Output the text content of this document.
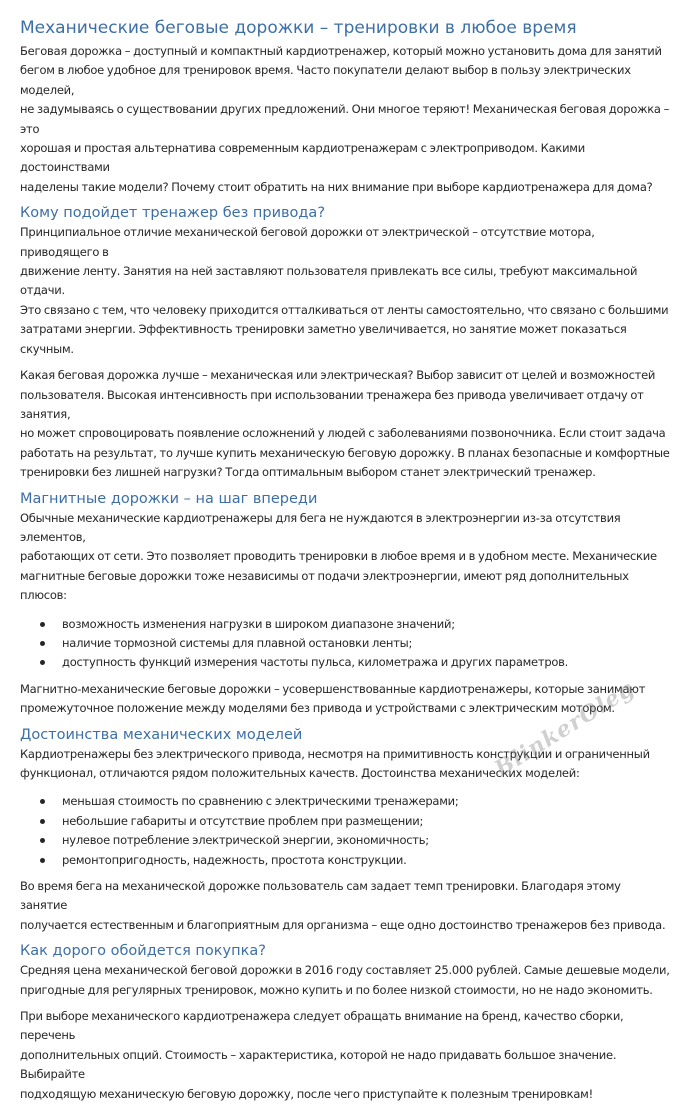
Механические беговые дорожки – тренировки в любое время

Беговая дорожка – доступный и компактный кардиотренажер, который можно установить дома для занятий

бегом в любое удобное для тренировок время. Часто покупатели делают выбор в пользу электрических моделей,

не задумываясь о существовании других предложений. Они многое теряют! Механическая беговая дорожка – это

хорошая и простая альтернатива современным кардиотренажерам с электроприводом. Какими достоинствами

наделены такие модели? Почему стоит обратить на них внимание при выборе кардиотренажера для дома?

Кому подойдет тренажер без привода?

Принципиальное отличие механической беговой дорожки от электрической – отсутствие мотора, приводящего в

движение ленту. Занятия на ней заставляют пользователя привлекать все силы, требуют максимальной отдачи.

Это связано с тем, что человеку приходится отталкиваться от ленты самостоятельно, что связано с большими

затратами энергии. Эффективность тренировки заметно увеличивается, но занятие может показаться скучным.

Какая беговая дорожка лучше – механическая или электрическая? Выбор зависит от целей и возможностей

пользователя. Высокая интенсивность при использовании тренажера без привода увеличивает отдачу от занятия,

но может спровоцировать появление осложнений у людей с заболеваниями позвоночника. Если стоит задача

работать на результат, то лучше купить механическую беговую дорожку. В планах безопасные и комфортные

тренировки без лишней нагрузки? Тогда оптимальным выбором станет электрический тренажер.

Магнитные дорожки – на шаг впереди

Обычные механические кардиотренажеры для бега не нуждаются в электроэнергии из-за отсутствия элементов,

работающих от сети. Это позволяет проводить тренировки в любое время и в удобном месте. Механические

магнитные беговые дорожки тоже независимы от подачи электроэнергии, имеют ряд дополнительных плюсов:

возможность изменения нагрузки в широком диапазоне значений;
наличие тормозной системы для плавной остановки ленты;
доступность функций измерения частоты пульса, километража и других параметров.

Магнитно-механические беговые дорожки – усовершенствованные кардиотренажеры, которые занимают

промежуточное положение между моделями без привода и устройствами с электрическим мотором.

Достоинства механических моделей

Кардиотренажеры без электрического привода, несмотря на примитивность конструкции и ограниченный

функционал, отличаются рядом положительных качеств. Достоинства механических моделей:

меньшая стоимость по сравнению с электрическими тренажерами;
небольшие габариты и отсутствие проблем при размещении;
нулевое потребление электрической энергии, экономичность;
ремонтопригодность, надежность, простота конструкции.

Во время бега на механической дорожке пользователь сам задает темп тренировки. Благодаря этому занятие

получается естественным и благоприятным для организма – еще одно достоинство тренажеров без привода.

Как дорого обойдется покупка?

Средняя цена механической беговой дорожки в 2016 году составляет 25.000 рублей. Самые дешевые модели,

пригодные для регулярных тренировок, можно купить и по более низкой стоимости, но не надо экономить.

При выборе механического кардиотренажера следует обращать внимание на бренд, качество сборки, перечень

дополнительных опций. Стоимость – характеристика, которой не надо придавать большое значение. Выбирайте

подходящую механическую беговую дорожку, после чего приступайте к полезным тренировкам!

BlinkerOleg
